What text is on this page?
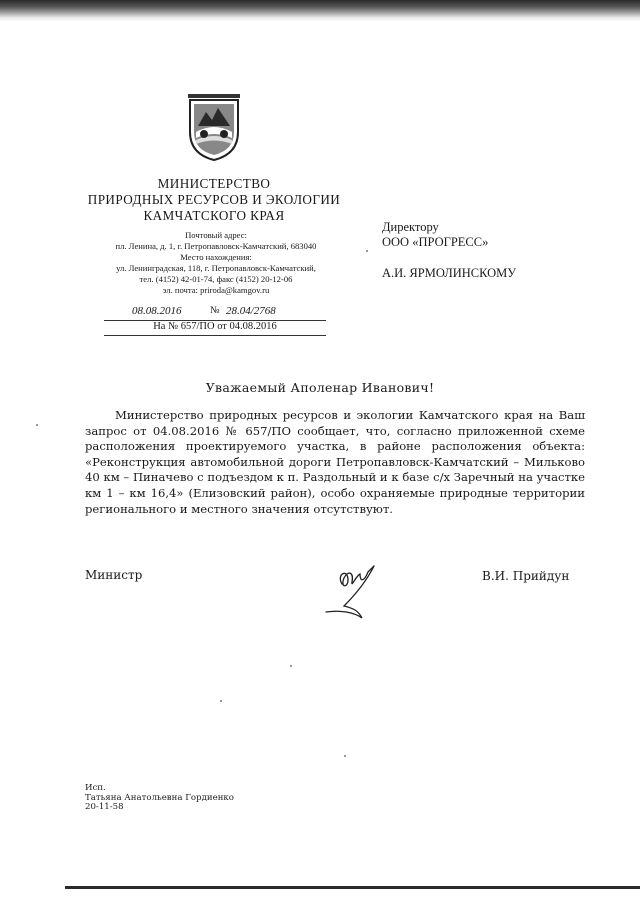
МИНИСТЕРСТВО
ПРИРОДНЫХ РЕСУРСОВ И ЭКОЛОГИИ
КАМЧАТСКОГО КРАЯ
Почтовый адрес:
пл. Ленина, д. 1, г. Петропавловск-Камчатский, 683040
Место нахождения:
ул. Ленинградская, 118, г. Петропавловск-Камчатский,
тел. (4152) 42-01-74, факс (4152) 20-12-06
эл. почта: priroda@kamgov.ru
08.08.2016	№ 28.04/2768
На № 657/ПО от 04.08.2016
Директору
ООО «ПРОГРЕСС»
А.И. ЯРМОЛИНСКОМУ
Уважаемый Аполенар Иванович!

Министерство природных ресурсов и экологии Камчатского края на Ваш запрос от 04.08.2016 № 657/ПО сообщает, что, согласно приложенной схеме расположения проектируемого участка, в районе расположения объекта: «Реконструкция автомобильной дороги Петропавловск-Камчатский – Мильково 40 км – Пиначево с подъездом к п. Раздольный и к базе с/х Заречный на участке км 1 – км 16,4» (Елизовский район), особо охраняемые природные территории регионального и местного значения отсутствуют.

Министр	В.И. Прийдун
Исп.
Татьяна Анатольевна Гордиенко
20-11-58
